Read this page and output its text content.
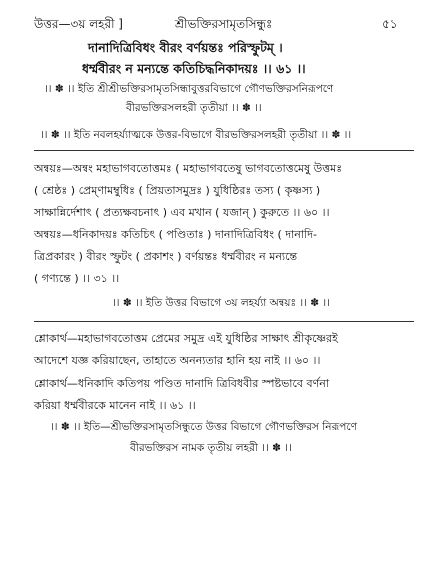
উত্তর—৩য় লহরী ]	শ্রীভক্তিরসামৃতসিন্ধুঃ	৫১
দানাদিত্রিবিধং বীরং বর্ণয়ন্তঃ পরিস্ফুটম্ ।
ধর্ম্মবীরং ন মন্যন্তে কতিচিদ্ধনিকাদয়ঃ ।। ৬১ ।।
।। ✽ ।। ইতি শ্রীশ্রীভক্তিরসামৃতসিন্ধাবুত্তরবিভাগে গৌণভক্তিরসনিরূপণে
বীরভক্তিরসলহরী তৃতীয়া ।। ✽ ।।
।। ✽ ।। ইতি নবলহর্য্যাত্মকে উত্তর-বিভাগে বীরভক্তিরসলহরী তৃতীয়া ।। ✽ ।।
অন্বয়ঃ—অন্বং মহাভাগবতোত্তমঃ ( মহাভাগবতেষু ভাগবতোত্তমেষু উত্তমঃ
( শ্রেষ্ঠঃ ) প্রেম্ণামম্বুধিঃ ( প্রিয়তাসমুদ্রঃ ) যুধিষ্ঠিরঃ তস্য ( কৃষ্ণস্য )
সাক্ষান্নির্দেশাৎ ( প্রত্যক্ষবচনাৎ ) এব মখান ( যজান্ ) কুরুতে ।। ৬০ ।।
অন্বয়ঃ—ধনিকাদয়ঃ কতিচিৎ ( পণ্ডিতাঃ ) দানাদিত্রিবিধং ( দানাদি-
ত্রিপ্রকারং ) বীরং স্ফুটং ( প্রকাশং ) বর্ণয়ন্তঃ ধর্ম্মবীরং ন মন্যন্তে
( গণ্যন্তে ) ।। ৩১ ।।
।। ✽ ।। ইতি উত্তর বিভাগে ৩য় লহর্য্যা অন্বয়ঃ ।। ✽ ।।
শ্লোকার্থ—মহাভাগবতোত্তম প্রেমের সমুদ্র এই যুধিষ্ঠির সাক্ষাৎ শ্রীকৃষ্ণেরই
আদেশে যজ্ঞ করিয়াছেন, তাহাতে অনন্যতার হানি হয় নাই ।। ৬০ ।।
শ্লোকার্থ—ধনিকাদি কতিপয় পণ্ডিত দানাদি ত্রিবিধবীর স্পষ্টভাবে বর্ণনা
করিয়া ধর্ম্মবীরকে মানেন নাই ।। ৬১ ।।
।। ✽ ।। ইতি—শ্রীভক্তিরসামৃতসিন্ধুতে উত্তর বিভাগে গৌণভক্তিরস নিরূপণে
বীরভক্তিরস নামক তৃতীয় লহরী ।। ✽ ।।
